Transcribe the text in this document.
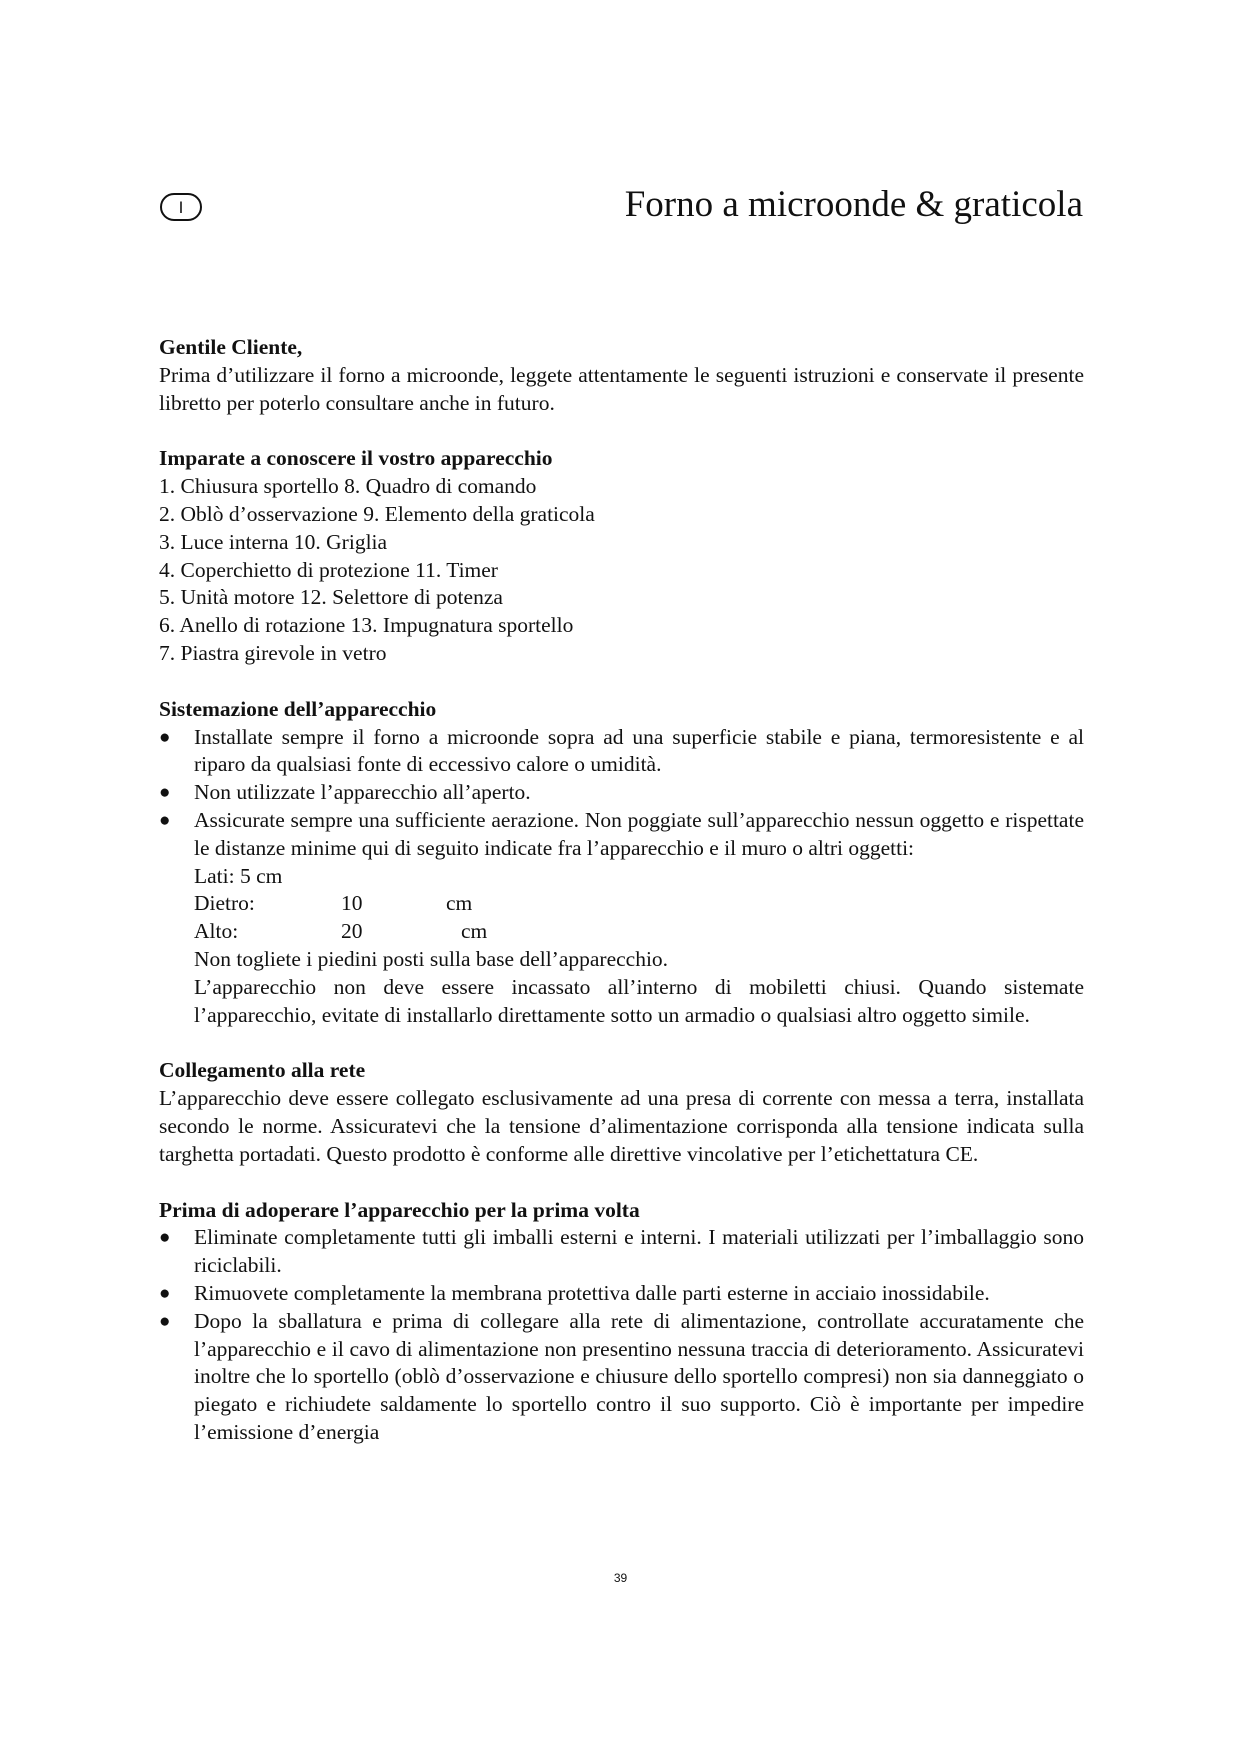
I	Forno a microonde & graticola

Gentile Cliente,

Prima d’utilizzare il forno a microonde, leggete attentamente le seguenti istruzioni e conservate il presente libretto per poterlo consultare anche in futuro.

Imparate a conoscere il vostro apparecchio

1. Chiusura sportello 8. Quadro di comando

2. Oblò d’osservazione 9. Elemento della graticola

3. Luce interna 10. Griglia

4. Coperchietto di protezione 11. Timer

5. Unità motore 12. Selettore di potenza

6. Anello di rotazione 13. Impugnatura sportello

7. Piastra girevole in vetro

Sistemazione dell’apparecchio

● Installate sempre il forno a microonde sopra ad una superficie stabile e piana, termoresistente e al riparo da qualsiasi fonte di eccessivo calore o umidità.
● Non utilizzate l’apparecchio all’aperto.
● Assicurate sempre una sufficiente aerazione. Non poggiate sull’apparecchio nessun oggetto e rispettate le distanze minime qui di seguito indicate fra l’apparecchio e il muro o altri oggetti:

Lati: 5 cm

Dietro:	10	cm
Alto:	20	cm

Non togliete i piedini posti sulla base dell’apparecchio.

L’apparecchio non deve essere incassato all’interno di mobiletti chiusi. Quando sistemate l’apparecchio, evitate di installarlo direttamente sotto un armadio o qualsiasi altro oggetto simile.

Collegamento alla rete

L’apparecchio deve essere collegato esclusivamente ad una presa di corrente con messa a terra, installata secondo le norme. Assicuratevi che la tensione d’alimentazione corrisponda alla tensione indicata sulla targhetta portadati. Questo prodotto è conforme alle direttive vincolative per l’etichettatura CE.

Prima di adoperare l’apparecchio per la prima volta

● Eliminate completamente tutti gli imballi esterni e interni. I materiali utilizzati per l’imballaggio sono riciclabili.
● Rimuovete completamente la membrana protettiva dalle parti esterne in acciaio inossidabile.
● Dopo la sballatura e prima di collegare alla rete di alimentazione, controllate accuratamente che l’apparecchio e il cavo di alimentazione non presentino nessuna traccia di deterioramento. Assicuratevi inoltre che lo sportello (oblò d’osservazione e chiusure dello sportello compresi) non sia danneggiato o piegato e richiudete saldamente lo sportello contro il suo supporto. Ciò è importante per impedire l’emissione d’energia
39
